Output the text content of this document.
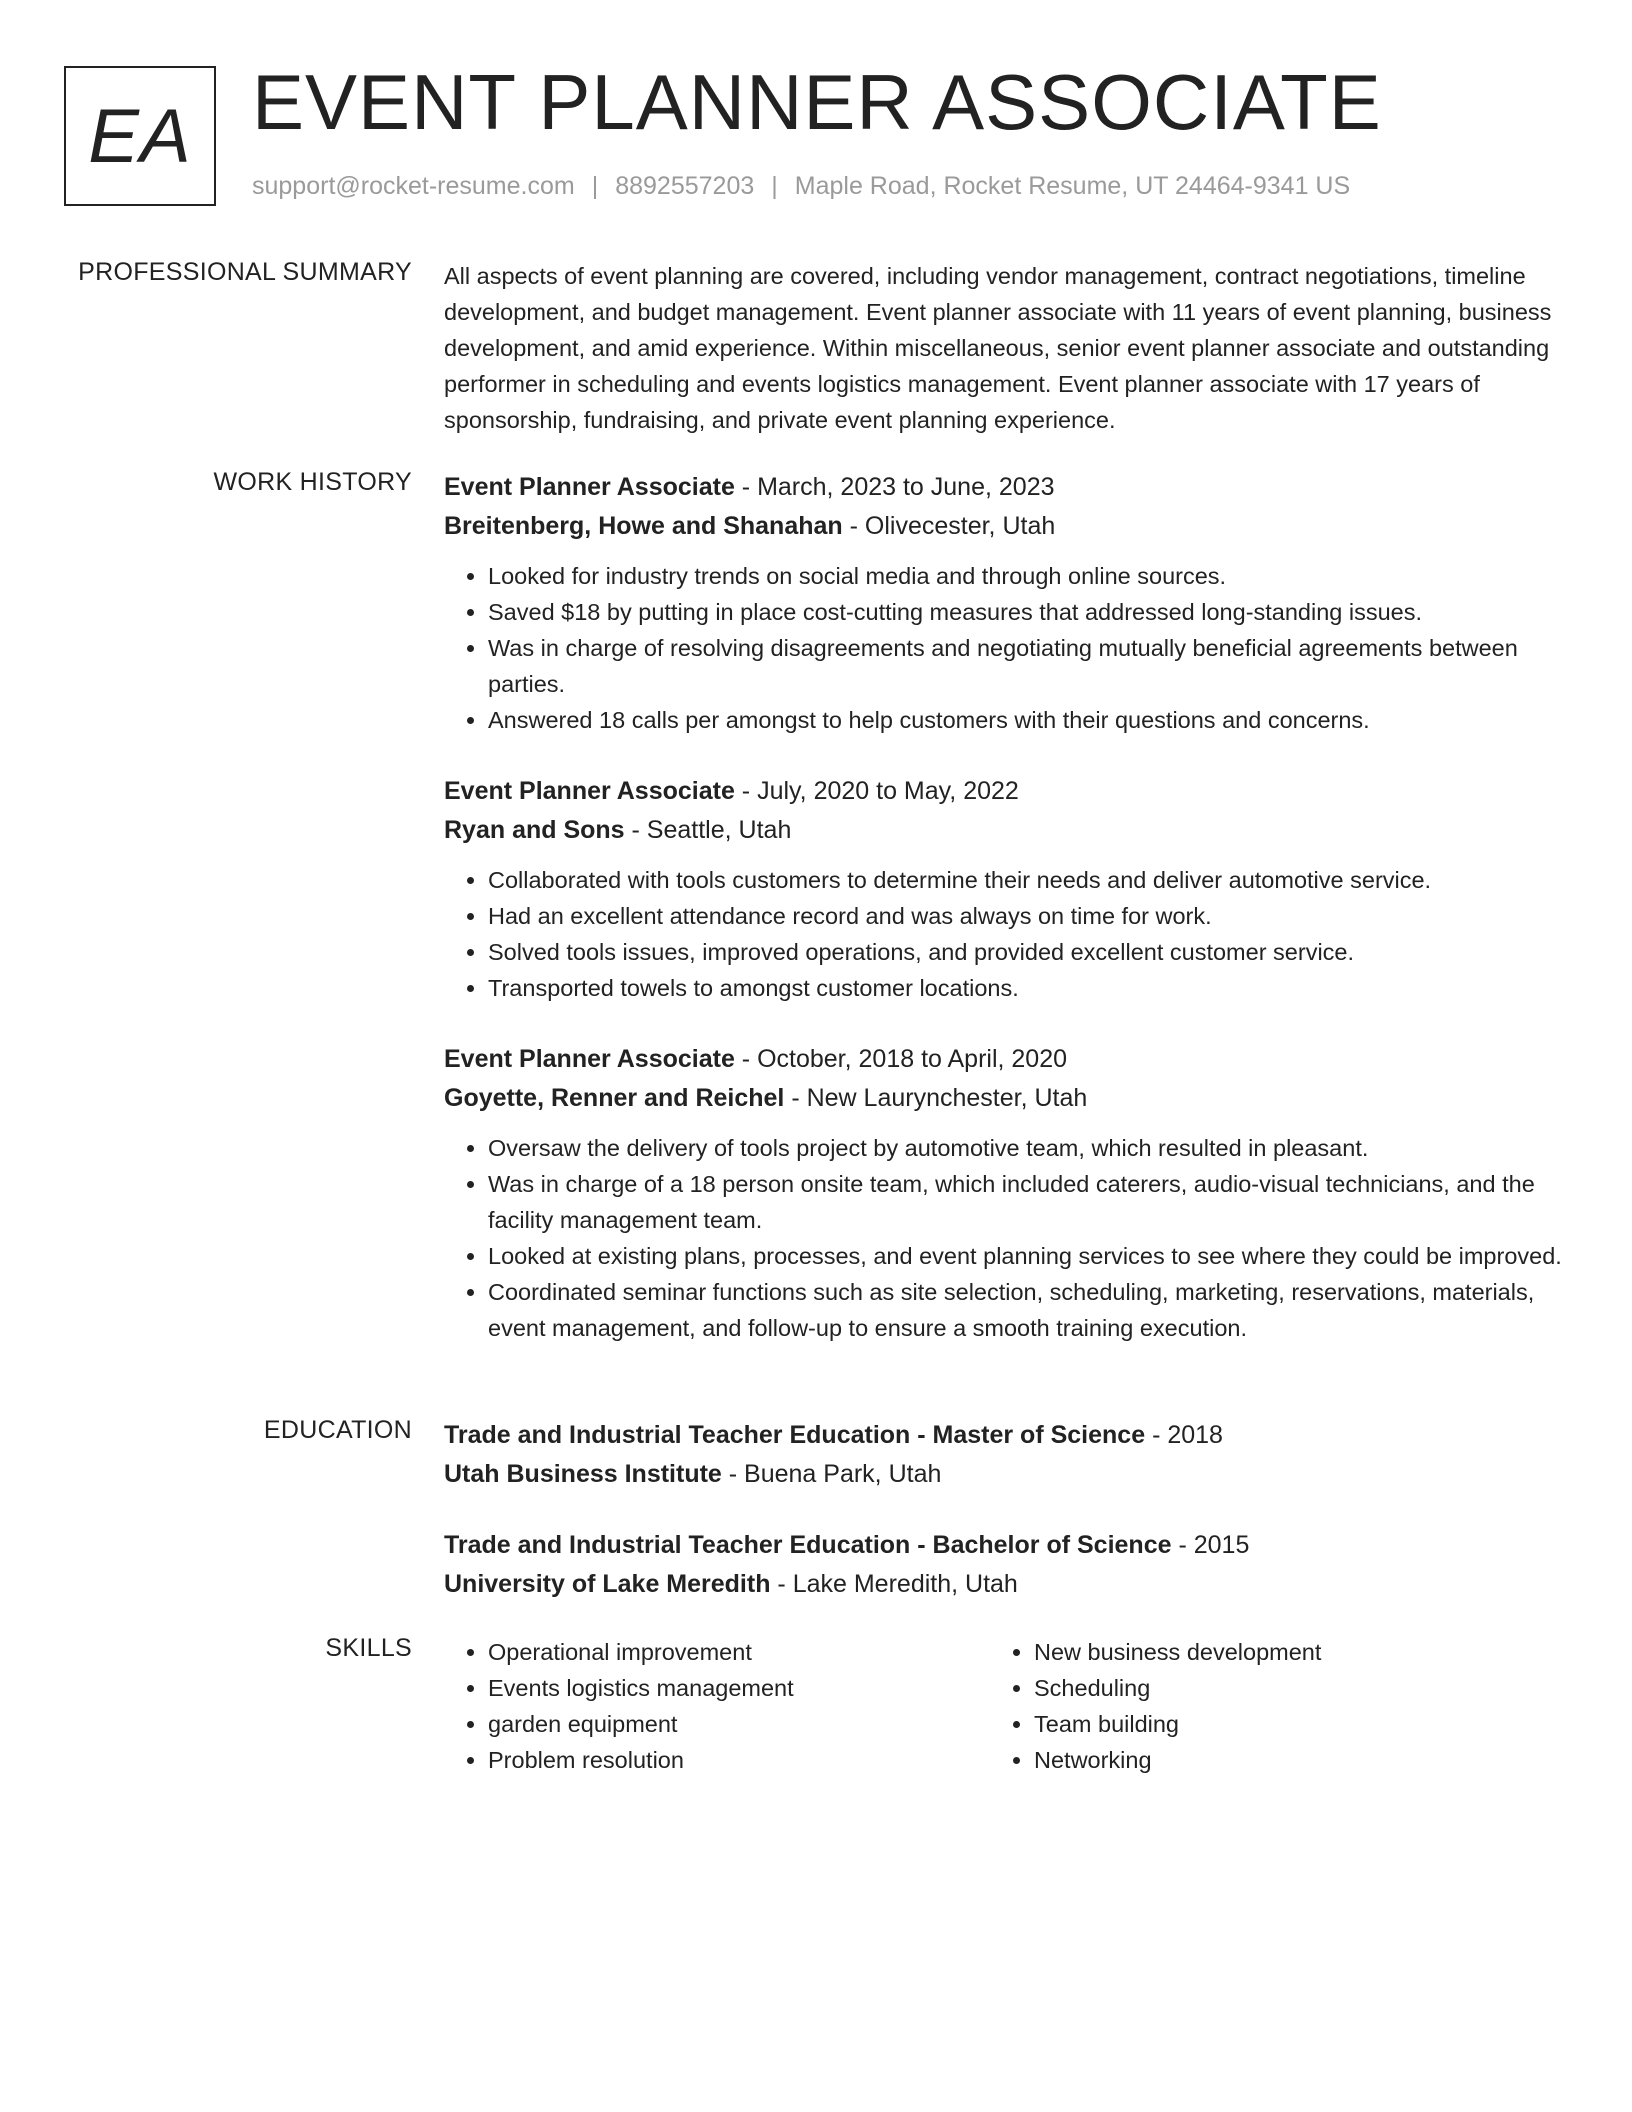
EA EVENT PLANNER ASSOCIATE
support@rocket-resume.com | 8892557203 | Maple Road, Rocket Resume, UT 24464-9341 US
PROFESSIONAL SUMMARY All aspects of event planning are covered, including vendor management, contract negotiations, timeline development, and budget management. Event planner associate with 11 years of event planning, business development, and amid experience. Within miscellaneous, senior event planner associate and outstanding performer in scheduling and events logistics management. Event planner associate with 17 years of sponsorship, fundraising, and private event planning experience.

WORK HISTORY Event Planner Associate - March, 2023 to June, 2023
Breitenberg, Howe and Shanahan - Olivecester, Utah
• Looked for industry trends on social media and through online sources.
• Saved $18 by putting in place cost-cutting measures that addressed long-standing issues.
• Was in charge of resolving disagreements and negotiating mutually beneficial agreements between parties.
• Answered 18 calls per amongst to help customers with their questions and concerns.
Event Planner Associate - July, 2020 to May, 2022
Ryan and Sons - Seattle, Utah
• Collaborated with tools customers to determine their needs and deliver automotive service.
• Had an excellent attendance record and was always on time for work.
• Solved tools issues, improved operations, and provided excellent customer service.
• Transported towels to amongst customer locations.
Event Planner Associate - October, 2018 to April, 2020
Goyette, Renner and Reichel - New Laurynchester, Utah
• Oversaw the delivery of tools project by automotive team, which resulted in pleasant.
• Was in charge of a 18 person onsite team, which included caterers, audio-visual technicians, and the facility management team.
• Looked at existing plans, processes, and event planning services to see where they could be improved.
• Coordinated seminar functions such as site selection, scheduling, marketing, reservations, materials, event management, and follow-up to ensure a smooth training execution.
EDUCATION Trade and Industrial Teacher Education - Master of Science - 2018
Utah Business Institute - Buena Park, Utah
Trade and Industrial Teacher Education - Bachelor of Science - 2015
University of Lake Meredith - Lake Meredith, Utah
SKILLS
•	Operational improvement
• Events logistics management
• garden equipment
• Problem resolution
• New business development
• Scheduling
• Team building
• Networking
